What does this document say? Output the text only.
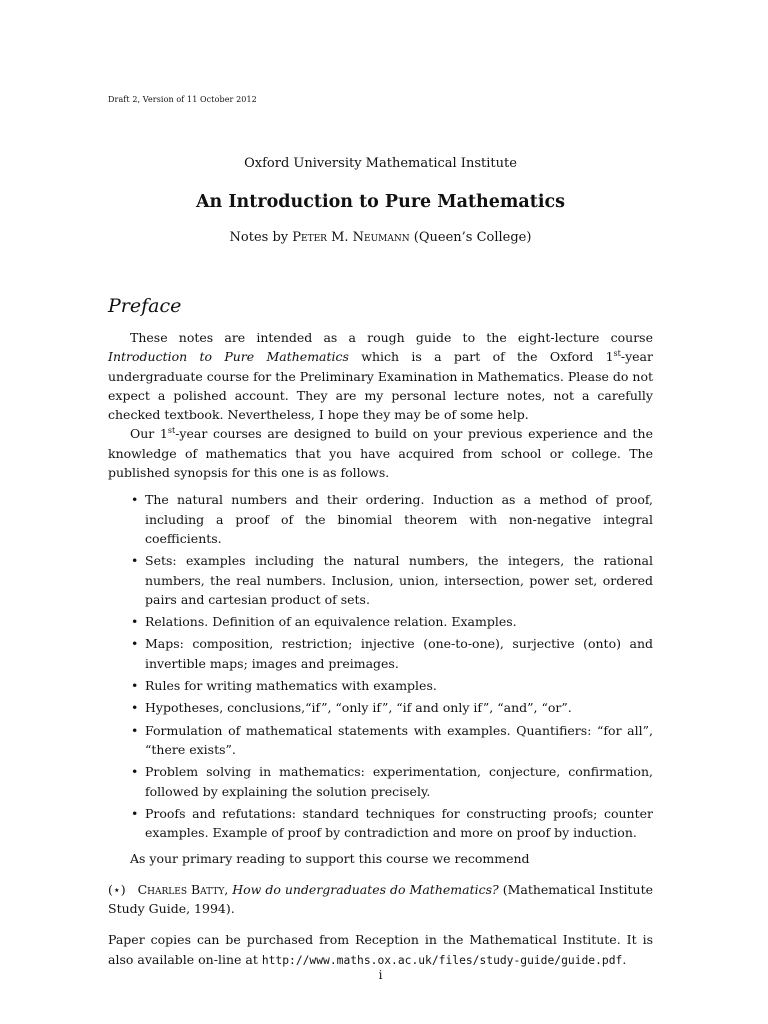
Draft 2, Version of 11 October 2012
Oxford University Mathematical Institute
An Introduction to Pure Mathematics
Notes by Peter M. Neumann (Queen’s College)
Preface

These notes are intended as a rough guide to the eight-lecture course Introduction to Pure Mathematics which is a part of the Oxford 1st-year undergraduate course for the Preliminary Examination in Mathematics. Please do not expect a polished account. They are my personal lecture notes, not a carefully checked textbook. Nevertheless, I hope they may be of some help.

Our 1st-year courses are designed to build on your previous experience and the knowledge of mathematics that you have acquired from school or college. The published synopsis for this one is as follows.

• The natural numbers and their ordering. Induction as a method of proof, including a proof of the binomial theorem with non-negative integral coefficients.
• Sets: examples including the natural numbers, the integers, the rational numbers, the real numbers. Inclusion, union, intersection, power set, ordered pairs and cartesian product of sets.
• Relations. Definition of an equivalence relation. Examples.
• Maps: composition, restriction; injective (one-to-one), surjective (onto) and invertible maps; images and preimages.
• Rules for writing mathematics with examples.
• Hypotheses, conclusions,“if”, “only if”, “if and only if”, “and”, “or”.
• Formulation of mathematical statements with examples. Quantifiers: “for all”, “there exists”.
• Problem solving in mathematics: experimentation, conjecture, confirmation, followed by explaining the solution precisely.
• Proofs and refutations: standard techniques for constructing proofs; counter examples. Example of proof by contradiction and more on proof by induction.

As your primary reading to support this course we recommend

(⋆) Charles Batty, How do undergraduates do Mathematics? (Mathematical Institute Study Guide, 1994).

Paper copies can be purchased from Reception in the Mathematical Institute. It is also available on-line at http://www.maths.ox.ac.uk/files/study-guide/guide.pdf.

i
